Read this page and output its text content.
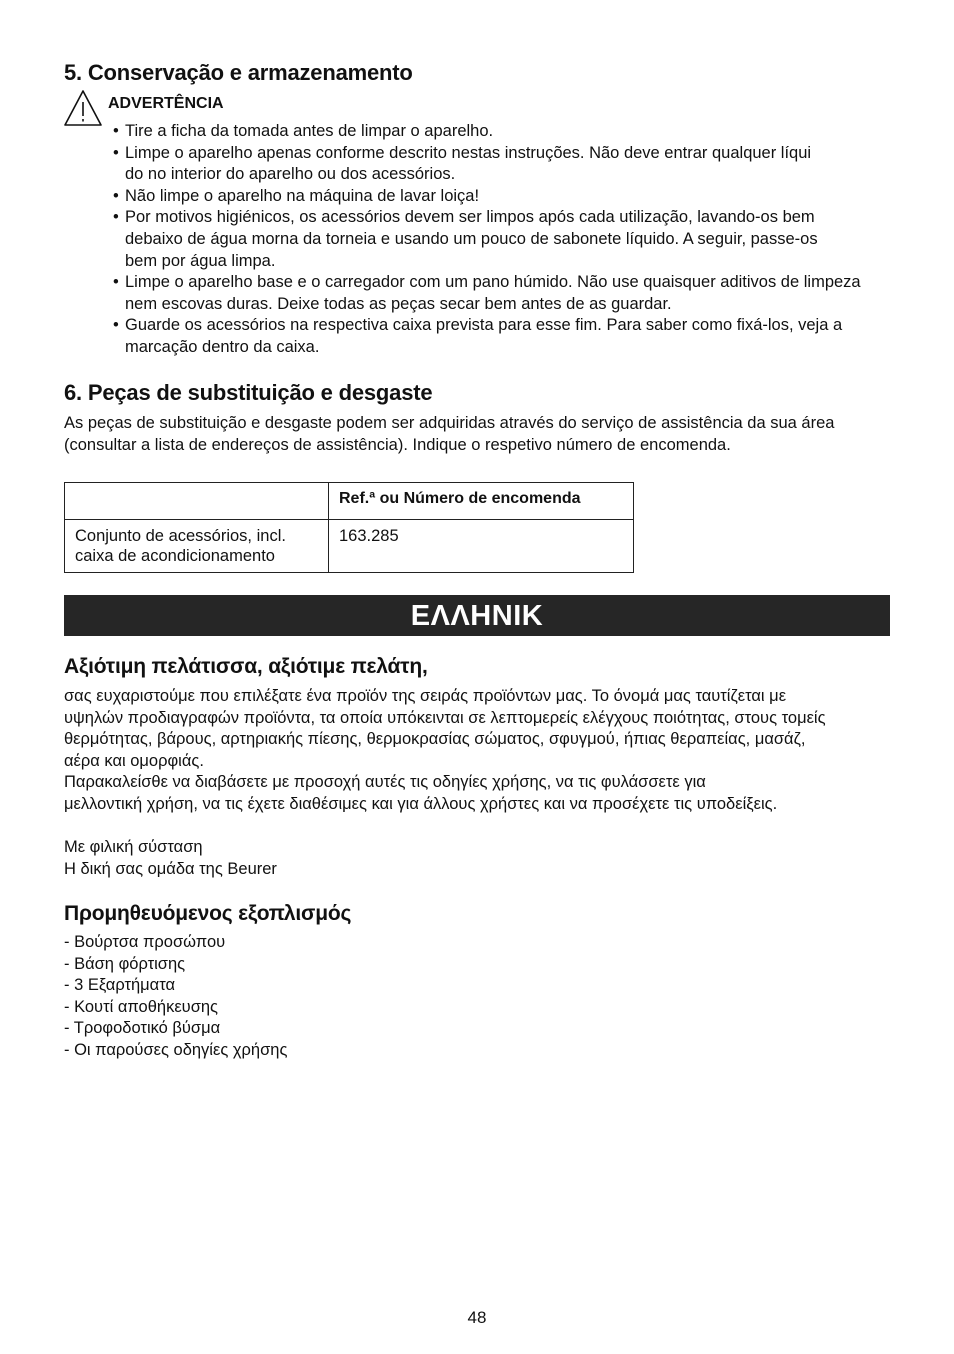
5. Conservação e armazenamento
ADVERTÊNCIA
• Tire a ficha da tomada antes de limpar o aparelho.
• Limpe o aparelho apenas conforme descrito nestas instruções. Não deve entrar qualquer líqui
do no interior do aparelho ou dos acessórios.
• Não limpe o aparelho na máquina de lavar loiça!
• Por motivos higiénicos, os acessórios devem ser limpos após cada utilização, lavando-os bem
debaixo de água morna da torneia e usando um pouco de sabonete líquido. A seguir, passe-os
bem por água limpa.
• Limpe o aparelho base e o carregador com um pano húmido. Não use quaisquer aditivos de limpeza
nem escovas duras. Deixe todas as peças secar bem antes de as guardar.
• Guarde os acessórios na respectiva caixa prevista para esse fim. Para saber como fixá-los, veja a
marcação dentro da caixa.
6. Peças de substituição e desgaste

As peças de substituição e desgaste podem ser adquiridas através do serviço de assistência da sua área
(consultar a lista de endereços de assistência). Indique o respetivo número de encomenda.

	Ref.ª ou Número de encomenda
Conjunto de acessórios, incl.
caixa de acondicionamento	163.285
ΕΛΛΗΝΙΚ
Αξιότιμη πελάτισσα, αξιότιμε πελάτη,

σας ευχαριστούμε που επιλέξατε ένα προϊόν της σειράς προϊόντων μας. Το όνομά μας ταυτίζεται με
υψηλών προδιαγραφών προϊόντα, τα οποία υπόκεινται σε λεπτομερείς ελέγχους ποιότητας, στους τομείς
θερμότητας, βάρους, αρτηριακής πίεσης, θερμοκρασίας σώματος, σφυγμού, ήπιας θεραπείας, μασάζ,
αέρα και ομορφιάς.
Παρακαλείσθε να διαβάσετε με προσοχή αυτές τις οδηγίες χρήσης, να τις φυλάσσετε για
μελλοντική χρήση, να τις έχετε διαθέσιμες και για άλλους χρήστες και να προσέχετε τις υποδείξεις.

Με φιλική σύσταση
Η δική σας ομάδα της Beurer

Προμηθευόμενος εξοπλισμός
- Βούρτσα προσώπου
- Βάση φόρτισης
- 3 Εξαρτήματα
- Κουτί αποθήκευσης
- Τροφοδοτικό βύσμα
- Οι παρούσες οδηγίες χρήσης
48
